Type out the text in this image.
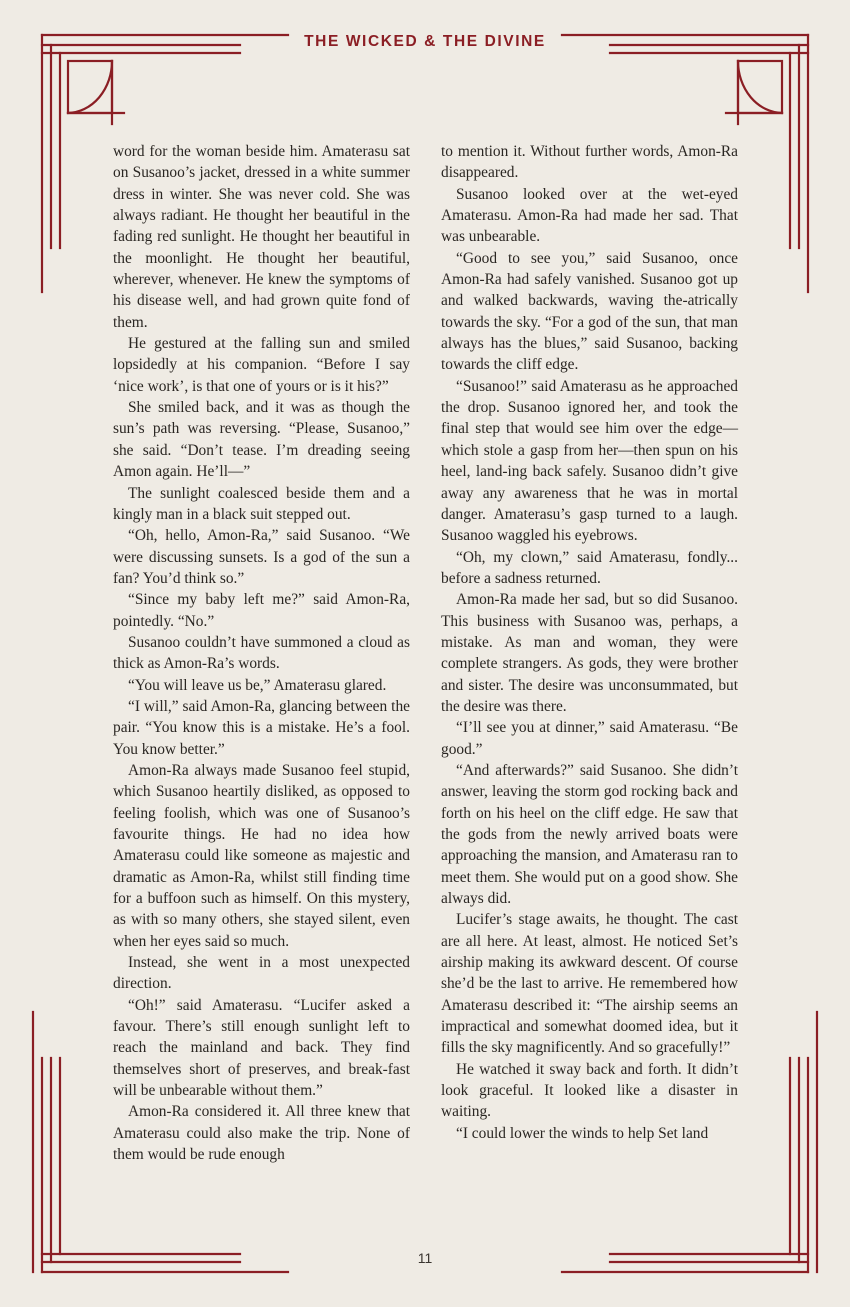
THE WICKED & THE DIVINE

word for the woman beside him. Amaterasu sat on Susanoo’s jacket, dressed in a white summer dress in winter. She was never cold. She was always radiant. He thought her beautiful in the fading red sunlight. He thought her beautiful in the moonlight. He thought her beautiful, wherever, whenever. He knew the symptoms of his disease well, and had grown quite fond of them.

He gestured at the falling sun and smiled lopsidedly at his companion. “Before I say ‘nice work’, is that one of yours or is it his?”

She smiled back, and it was as though the sun’s path was reversing. “Please, Susanoo,” she said. “Don’t tease. I’m dreading seeing Amon again. He’ll—”

The sunlight coalesced beside them and a kingly man in a black suit stepped out.

“Oh, hello, Amon-Ra,” said Susanoo. “We were discussing sunsets. Is a god of the sun a fan? You’d think so.”

“Since my baby left me?” said Amon-Ra, pointedly. “No.”

Susanoo couldn’t have summoned a cloud as thick as Amon-Ra’s words.

“You will leave us be,” Amaterasu glared.

“I will,” said Amon-Ra, glancing between the pair. “You know this is a mistake. He’s a fool. You know better.”

Amon-Ra always made Susanoo feel stupid, which Susanoo heartily disliked, as opposed to feeling foolish, which was one of Susanoo’s favourite things. He had no idea how Amaterasu could like someone as majestic and dramatic as Amon-Ra, whilst still finding time for a buffoon such as himself. On this mystery, as with so many others, she stayed silent, even when her eyes said so much.

Instead, she went in a most unexpected direction.

“Oh!” said Amaterasu. “Lucifer asked a favour. There’s still enough sunlight left to reach the mainland and back. They find themselves short of preserves, and break-fast will be unbearable without them.”

Amon-Ra considered it. All three knew that Amaterasu could also make the trip. None of them would be rude enough

to mention it. Without further words, Amon-Ra disappeared.

Susanoo looked over at the wet-eyed Amaterasu. Amon-Ra had made her sad. That was unbearable.

“Good to see you,” said Susanoo, once Amon-Ra had safely vanished. Susanoo got up and walked backwards, waving the-atrically towards the sky. “For a god of the sun, that man always has the blues,” said Susanoo, backing towards the cliff edge.

“Susanoo!” said Amaterasu as he approached the drop. Susanoo ignored her, and took the final step that would see him over the edge—which stole a gasp from her—then spun on his heel, land-ing back safely. Susanoo didn’t give away any awareness that he was in mortal danger. Amaterasu’s gasp turned to a laugh. Susanoo waggled his eyebrows.

“Oh, my clown,” said Amaterasu, fondly... before a sadness returned.

Amon-Ra made her sad, but so did Susanoo. This business with Susanoo was, perhaps, a mistake. As man and woman, they were complete strangers. As gods, they were brother and sister. The desire was unconsummated, but the desire was there.

“I’ll see you at dinner,” said Amaterasu. “Be good.”

“And afterwards?” said Susanoo. She didn’t answer, leaving the storm god rocking back and forth on his heel on the cliff edge. He saw that the gods from the newly arrived boats were approaching the mansion, and Amaterasu ran to meet them. She would put on a good show. She always did.

Lucifer’s stage awaits, he thought. The cast are all here. At least, almost. He noticed Set’s airship making its awkward descent. Of course she’d be the last to arrive. He remembered how Amaterasu described it: “The airship seems an impractical and somewhat doomed idea, but it fills the sky magnificently. And so gracefully!”

He watched it sway back and forth. It didn’t look graceful. It looked like a disaster in waiting.

“I could lower the winds to help Set land

11
